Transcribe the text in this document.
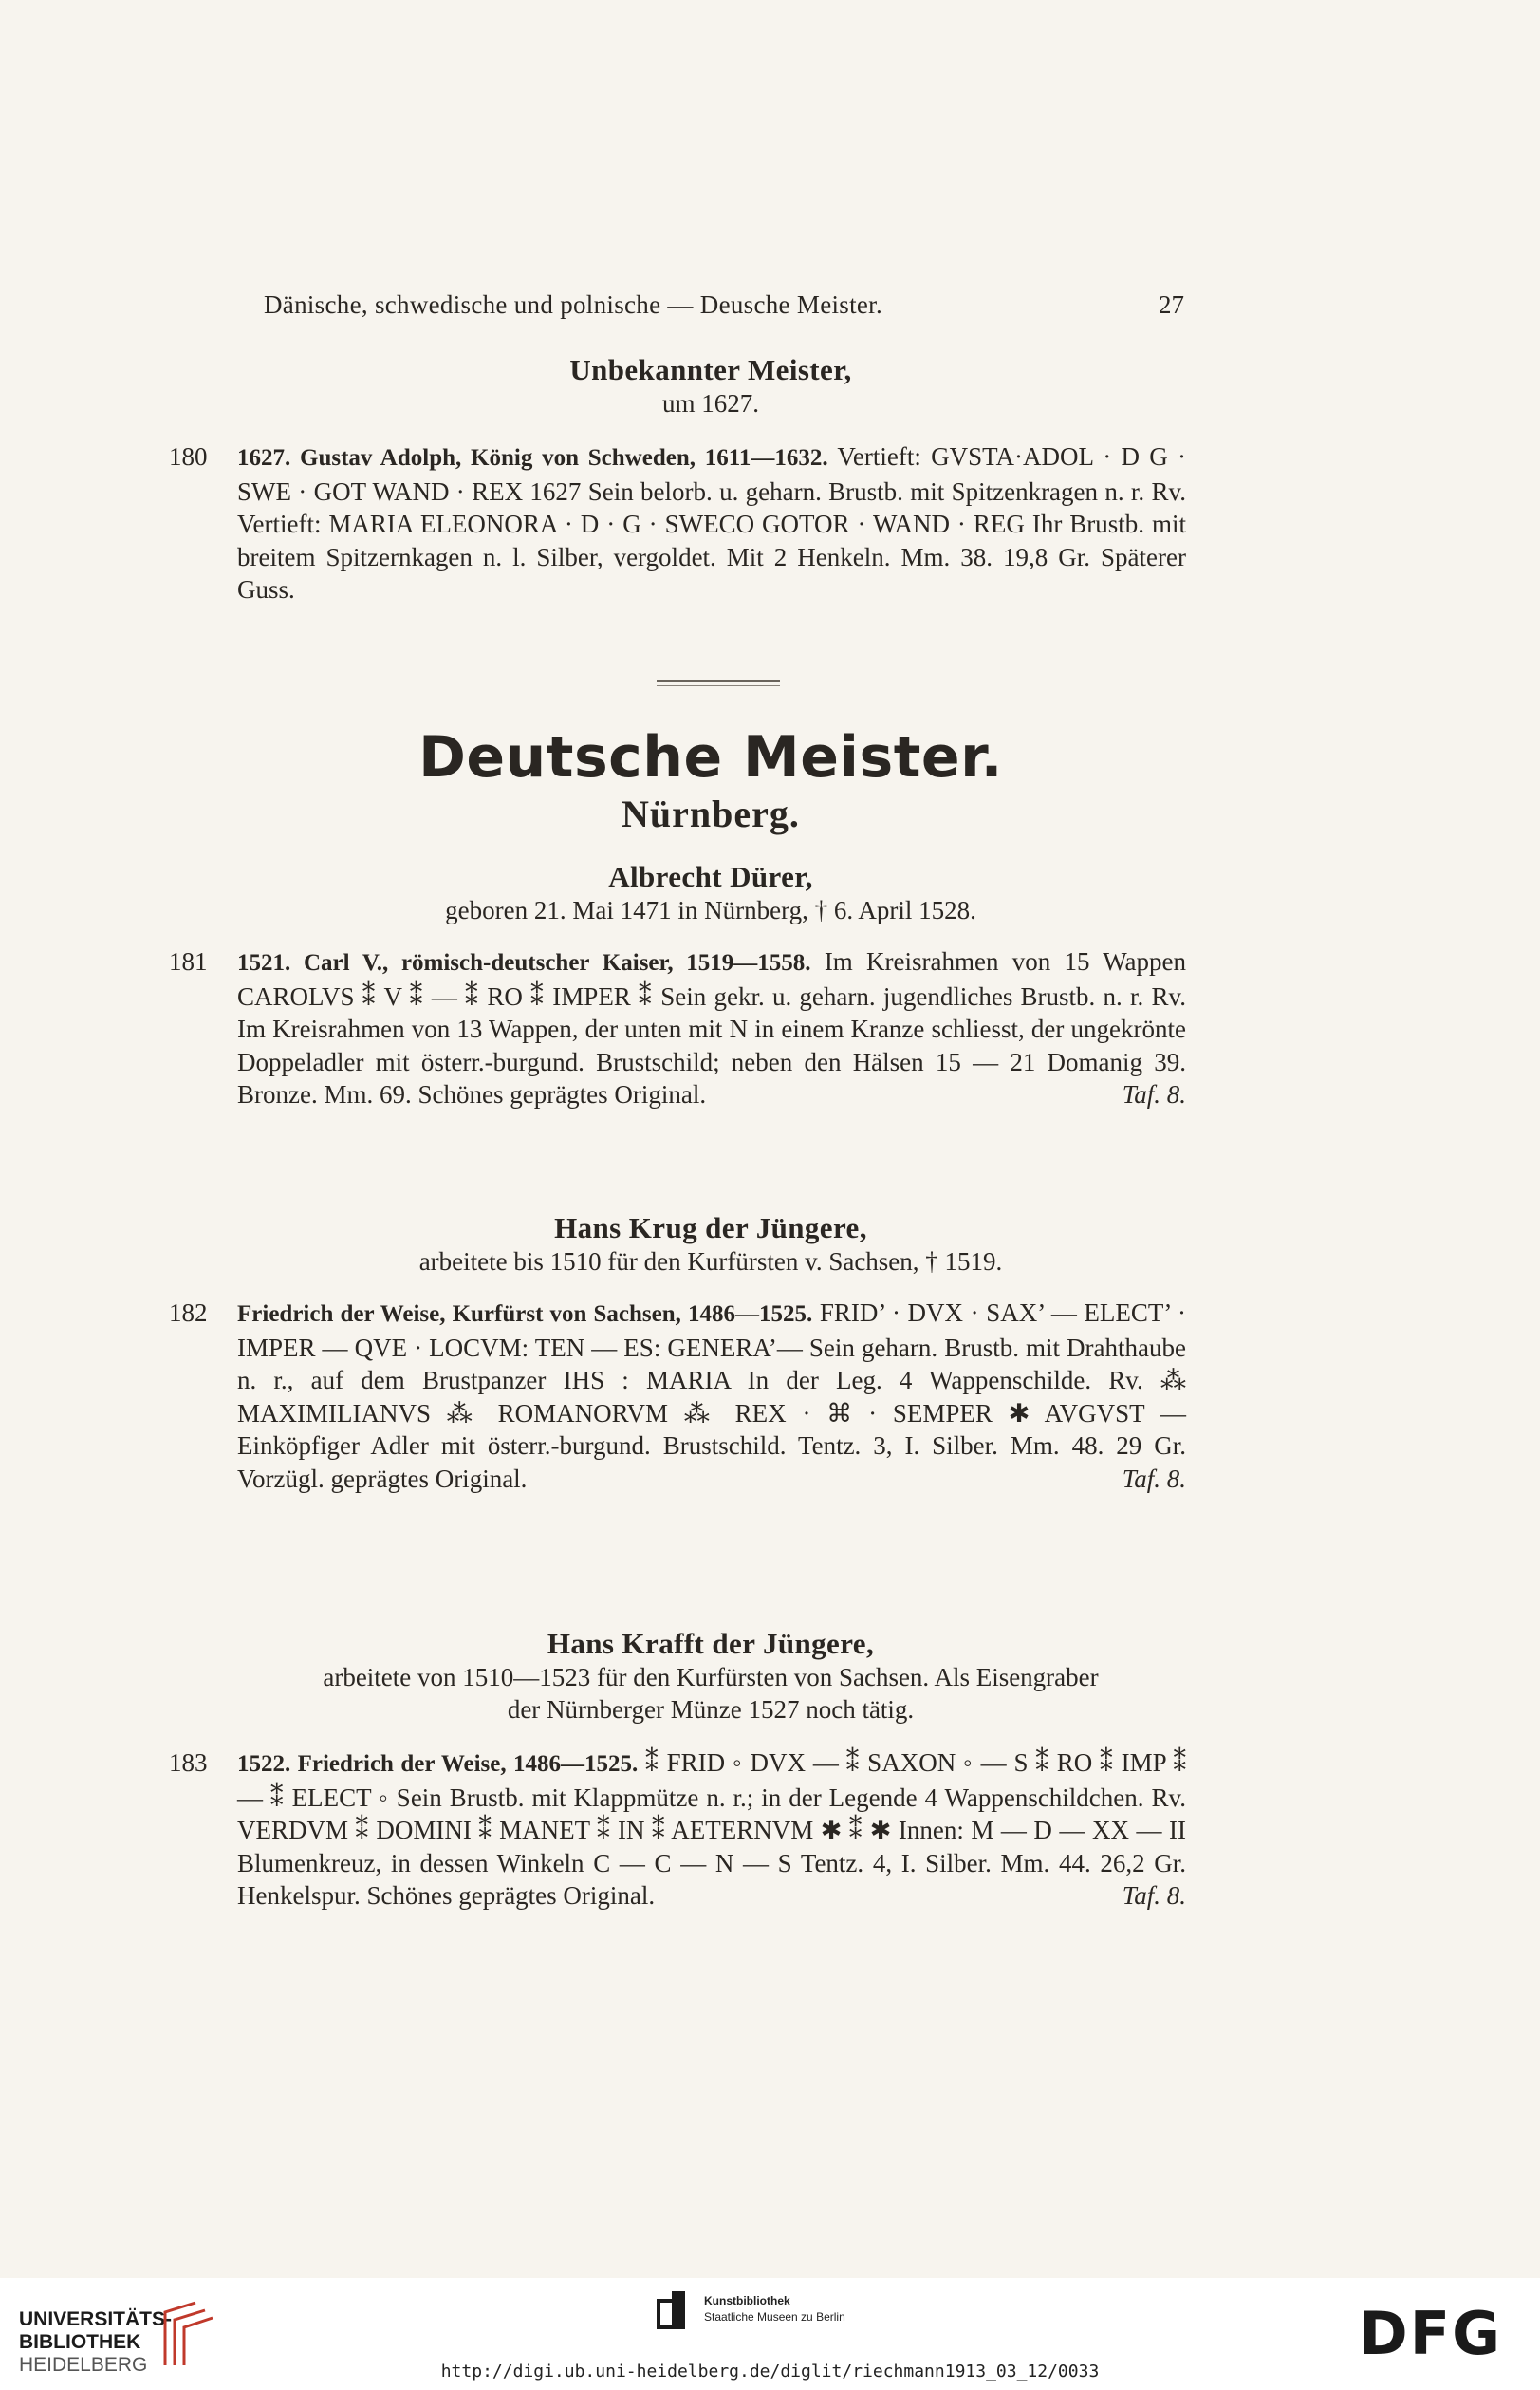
Dänische, schwedische und polnische — Deusche Meister.	27
Unbekannter Meister,
um 1627.
180	1627. Gustav Adolph, König von Schweden, 1611—1632. Vertieft: GVSTA·ADOL · D G · SWE · GOT WAND · REX 1627 Sein belorb. u. geharn. Brustb. mit Spitzenkragen n. r. Rv. Vertieft: MARIA ELEONORA · D · G · SWECO GOTOR · WAND · REG Ihr Brustb. mit breitem Spitzernkagen n. l. Silber, vergoldet. Mit 2 Henkeln. Mm. 38. 19,8 Gr. Späterer Guss.
Deutsche Meister.
Nürnberg.
Albrecht Dürer,
geboren 21. Mai 1471 in Nürnberg, † 6. April 1528.
181	1521. Carl V., römisch-deutscher Kaiser, 1519—1558. Im Kreisrahmen von 15 Wappen CAROLVS ⁑ V ⁑ — ⁑ RO ⁑ IMPER ⁑ Sein gekr. u. geharn. jugendliches Brustb. n. r. Rv. Im Kreisrahmen von 13 Wappen, der unten mit N in einem Kranze schliesst, der ungekrönte Doppeladler mit österr.-burgund. Brustschild; neben den Hälsen 15 — 21 Domanig 39. Bronze. Mm. 69. Schönes geprägtes Original.	Taf. 8.
Hans Krug der Jüngere,
arbeitete bis 1510 für den Kurfürsten v. Sachsen, † 1519.
182	Friedrich der Weise, Kurfürst von Sachsen, 1486—1525. FRID’ · DVX · SAX’ — ELECT’ · IMPER — QVE · LOCVM: TEN — ES: GENERA’— Sein geharn. Brustb. mit Drahthaube n. r., auf dem Brustpanzer IHS : MARIA In der Leg. 4 Wappenschilde. Rv. ⁂ MAXIMILIANVS ⁂ ROMANORVM ⁂ REX · ⌘ · SEMPER ✱ AVGVST — Einköpfiger Adler mit österr.-burgund. Brustschild. Tentz. 3, I. Silber. Mm. 48. 29 Gr. Vorzügl. geprägtes Original.	Taf. 8.
Hans Krafft der Jüngere,
arbeitete von 1510—1523 für den Kurfürsten von Sachsen. Als Eisengraber
der Nürnberger Münze 1527 noch tätig.
183	1522. Friedrich der Weise, 1486—1525. ⁑ FRID ◦ DVX — ⁑ SAXON ◦ — S ⁑ RO ⁑ IMP ⁑ — ⁑ ELECT ◦ Sein Brustb. mit Klappmütze n. r.; in der Legende 4 Wappenschildchen. Rv. VERDVM ⁑ DOMINI ⁑ MANET ⁑ IN ⁑ AETERNVM ✱ ⁑ ✱ Innen: M — D — XX — II Blumenkreuz, in dessen Winkeln C — C — N — S Tentz. 4, I. Silber. Mm. 44. 26,2 Gr. Henkelspur. Schönes geprägtes Original.	Taf. 8.
UNIVERSITÄTS-
BIBLIOTHEK
HEIDELBERG
Kunstbibliothek
Staatliche Museen zu Berlin	DFG
http://digi.ub.uni-heidelberg.de/diglit/riechmann1913_03_12/0033
